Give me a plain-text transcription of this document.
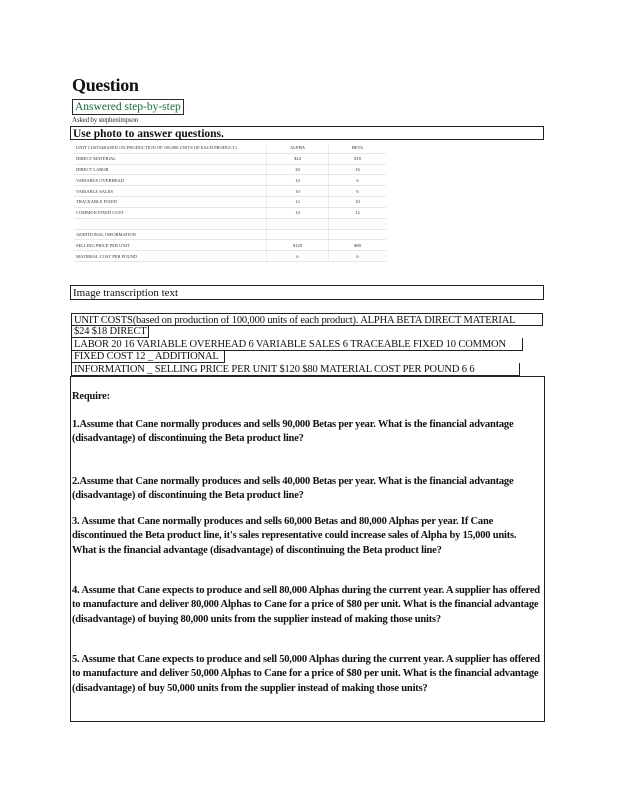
Question
Answered step-by-step
Asked by stephenimpson
Use photo to answer questions.
UNIT COSTS(BASED ON PRODUCTION OF 100,000 UNITS OF EACH PRODUCT).	ALPHA	BETA
DIRECT MATERIAL	$24	$18
DIRECT LABOR	20	16
VARIABLE OVERHEAD	10	6
VARIABLE SALES	10	6
TRACEABLE FIXED	12	10
COMMON FIXED COST	14	12

ADDITIONAL INFORMATION		
SELLING PRICE PER UNIT	$120	$80
MATERIAL COST PER POUND	6	6
Image transcription text
UNIT COSTS(based on production of 100,000 units of each product). ALPHA BETA DIRECT MATERIAL
$24 $18 DIRECT
LABOR 20 16 VARIABLE OVERHEAD 6 VARIABLE SALES 6 TRACEABLE FIXED 10 COMMON
FIXED COST 12 _ ADDITIONAL
INFORMATION _ SELLING PRICE PER UNIT $120 $80 MATERIAL COST PER POUND 6 6
Require:
1.Assume that Cane normally produces and sells 90,000 Betas per year. What is the financial advantage (disadvantage) of discontinuing the Beta product line?
2.Assume that Cane normally produces and sells 40,000 Betas per year. What is the financial advantage (disadvantage) of discontinuing the Beta product line?
3. Assume that Cane normally produces and sells 60,000 Betas and 80,000 Alphas per year. If Cane discontinued the Beta product line, it's sales representative could increase sales of Alpha by 15,000 units. What is the financial advantage (disadvantage) of discontinuing the Beta product line?
4. Assume that Cane expects to produce and sell 80,000 Alphas during the current year. A supplier has offered to manufacture and deliver 80,000 Alphas to Cane for a price of $80 per unit. What is the financial advantage (disadvantage) of buying 80,000 units from the supplier instead of making those units?
5. Assume that Cane expects to produce and sell 50,000 Alphas during the current year. A supplier has offered to manufacture and deliver 50,000 Alphas to Cane for a price of $80 per unit. What is the financial advantage (disadvantage) of buy 50,000 units from the supplier instead of making those units?
